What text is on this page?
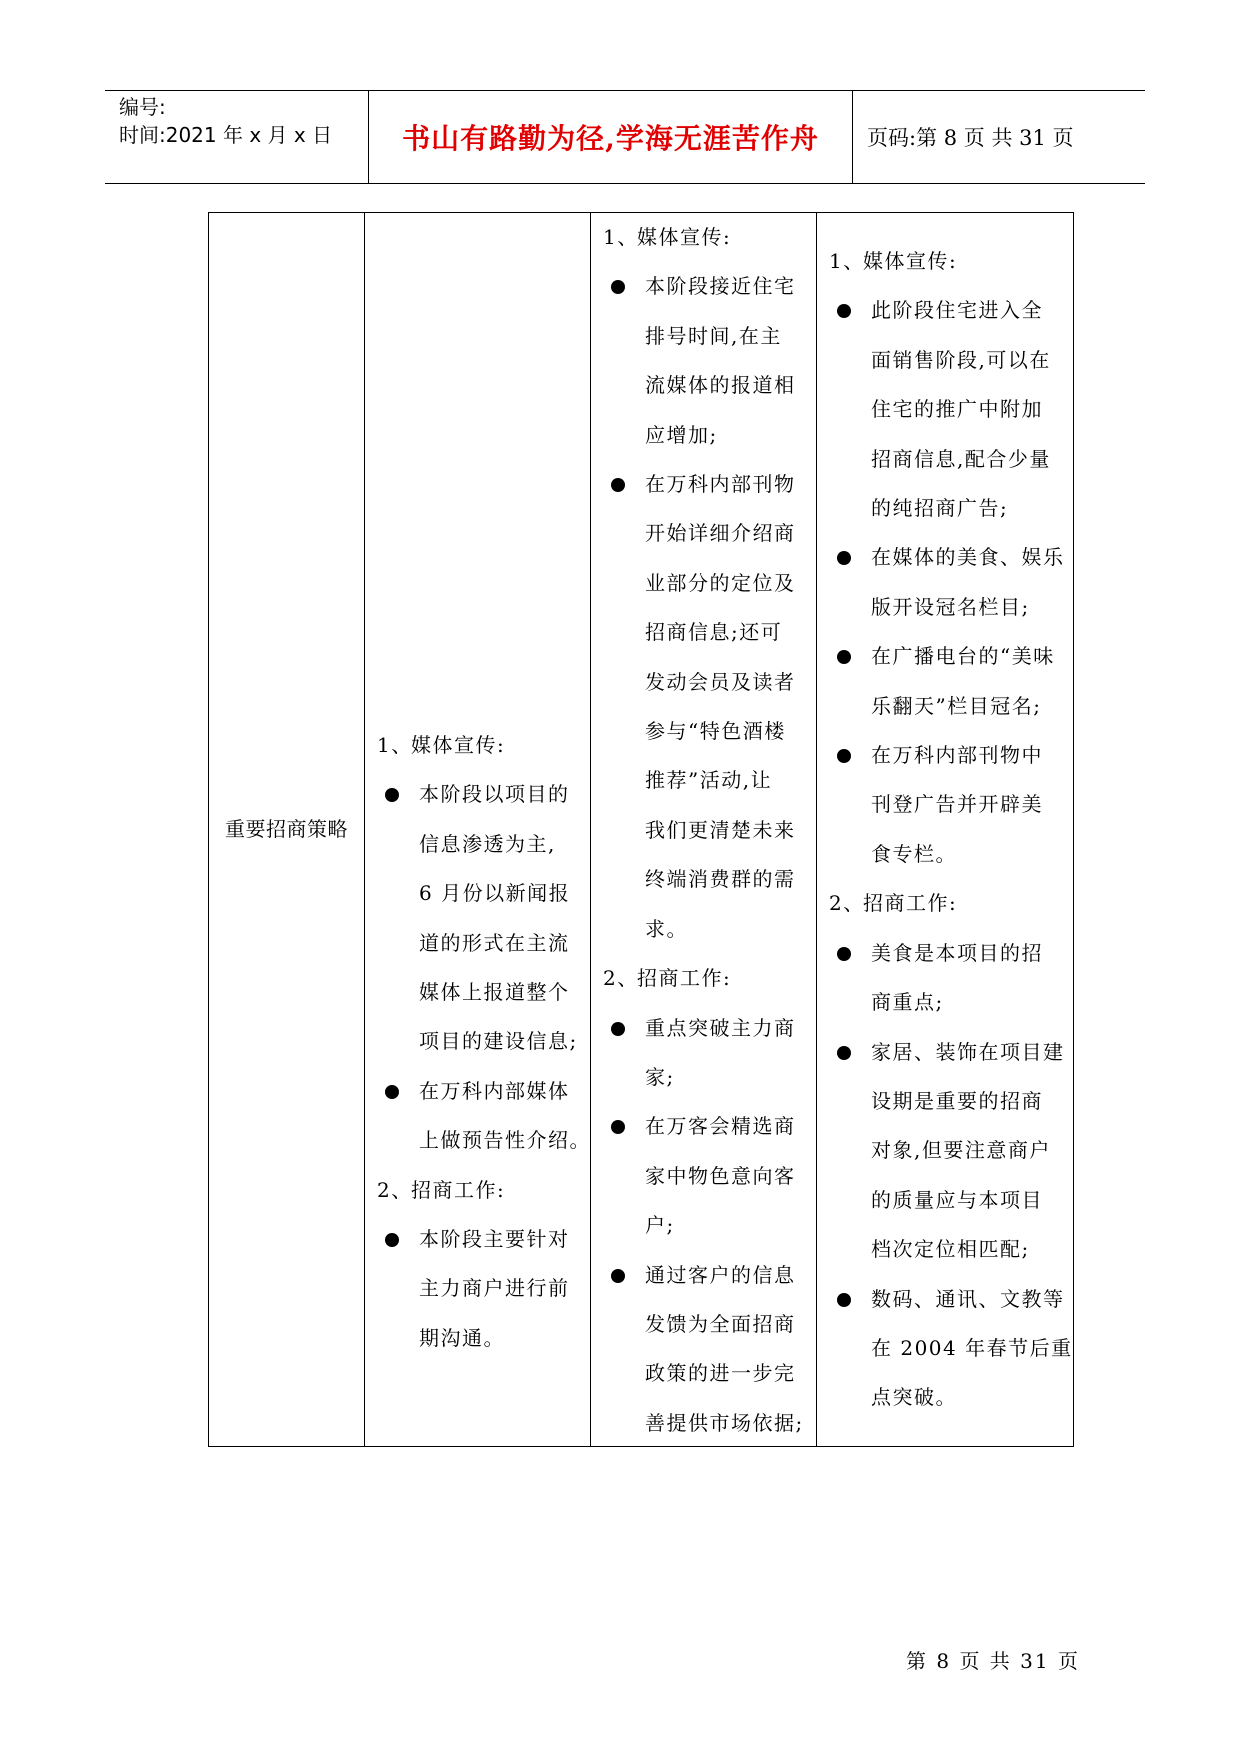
编号:
时间:2021 年 x 月 x 日	书山有路勤为径,学海无涯苦作舟	页码:第 8 页 共 31 页
重要招商策略
1、媒体宣传:
本阶段以项目的
信息渗透为主,
6 月份以新闻报
道的形式在主流
媒体上报道整个
项目的建设信息;
在万科内部媒体
上做预告性介绍。
2、招商工作:
本阶段主要针对
主力商户进行前
期沟通。
1、媒体宣传:
本阶段接近住宅
排号时间,在主
流媒体的报道相
应增加;
在万科内部刊物
开始详细介绍商
业部分的定位及
招商信息;还可
发动会员及读者
参与“特色酒楼
推荐”活动,让
我们更清楚未来
终端消费群的需
求。
2、招商工作:
重点突破主力商
家;
在万客会精选商
家中物色意向客
户;
通过客户的信息
发馈为全面招商
政策的进一步完
善提供市场依据;
1、媒体宣传:
此阶段住宅进入全
面销售阶段,可以在
住宅的推广中附加
招商信息,配合少量
的纯招商广告;
在媒体的美食、娱乐
版开设冠名栏目;
在广播电台的“美味
乐翻天”栏目冠名;
在万科内部刊物中
刊登广告并开辟美
食专栏。
2、招商工作:
美食是本项目的招
商重点;
家居、装饰在项目建
设期是重要的招商
对象,但要注意商户
的质量应与本项目
档次定位相匹配;
数码、通讯、文教等
在 2004 年春节后重
点突破。
第 8 页 共 31 页
